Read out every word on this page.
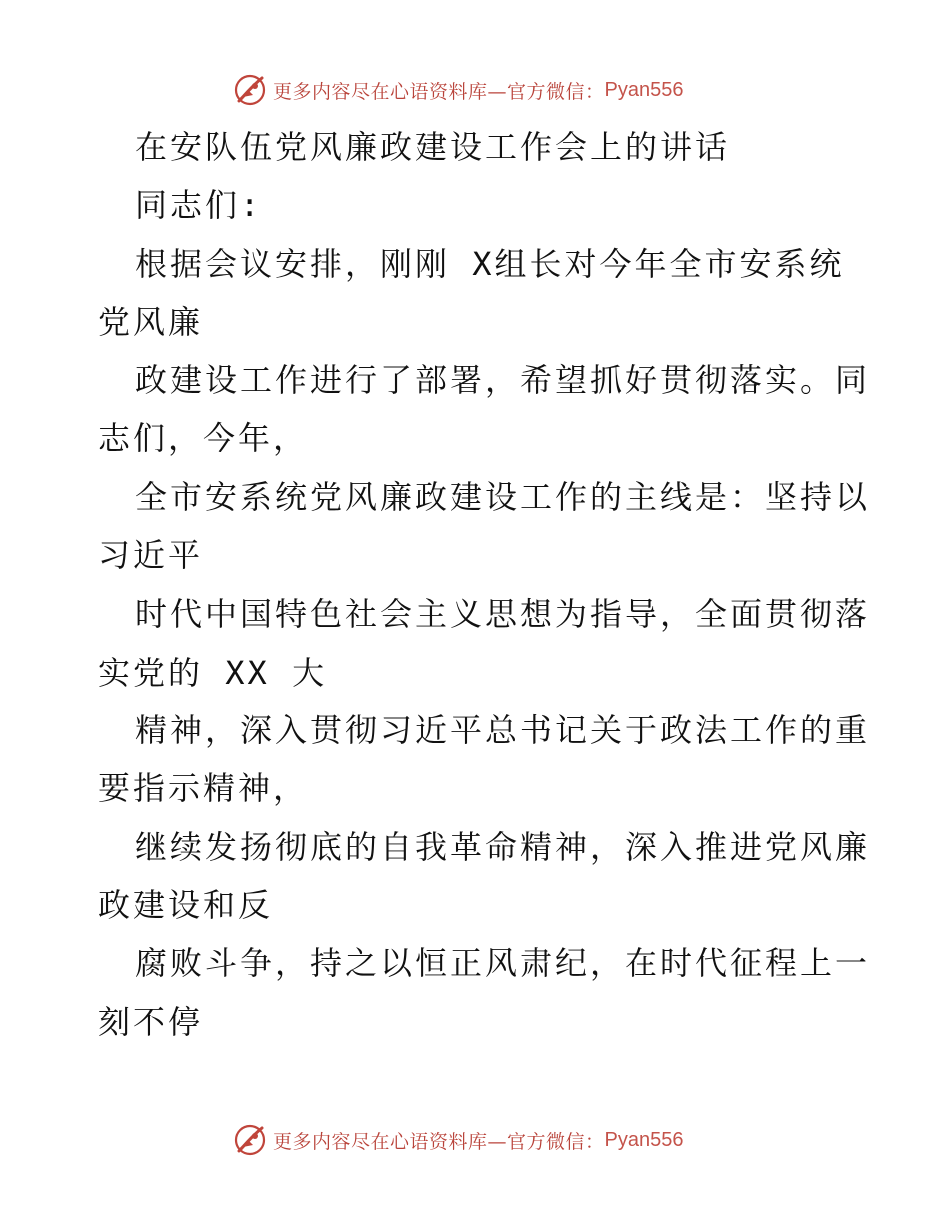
更多内容尽在心语资料库—官方微信： Pyan556
在安队伍党风廉政建设工作会上的讲话
同志们:
根据会议安排，刚刚 X组长对今年全市安系统
党风廉
政建设工作进行了部署，希望抓好贯彻落实。同
志们，今年，
全市安系统党风廉政建设工作的主线是：坚持以
习近平
时代中国特色社会主义思想为指导，全面贯彻落
实党的 XX 大
精神，深入贯彻习近平总书记关于政法工作的重
要指示精神，
继续发扬彻底的自我革命精神，深入推进党风廉
政建设和反
腐败斗争，持之以恒正风肃纪，在时代征程上一
刻不停
更多内容尽在心语资料库—官方微信： Pyan556
